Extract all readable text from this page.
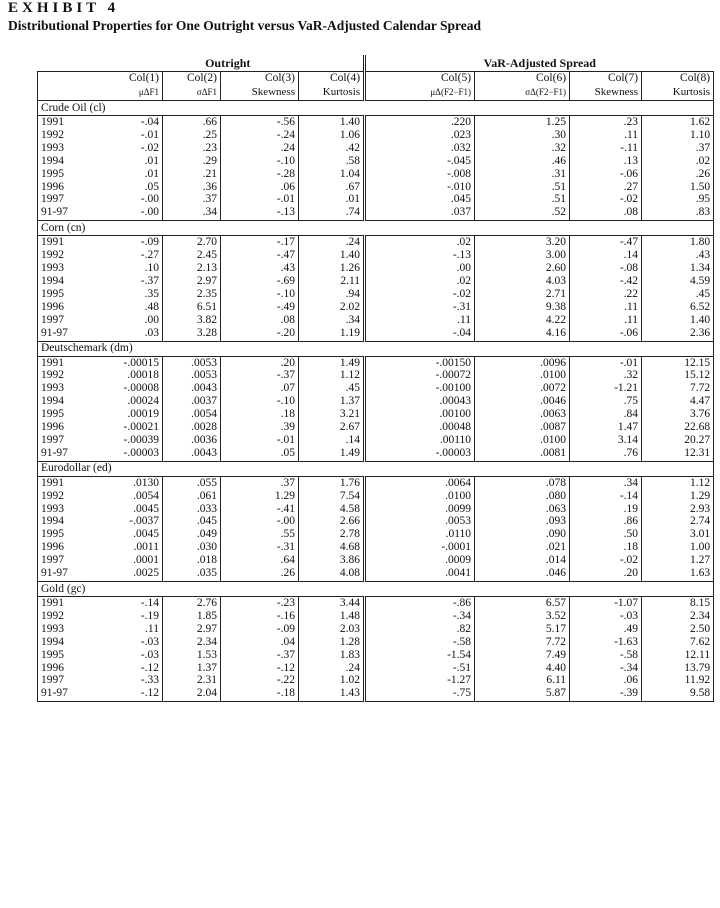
EXHIBIT 4
Distributional Properties for One Outright versus VaR-Adjusted Calendar Spread
	Outright				VaR-Adjusted Spread			
	Col(1)	Col(2)	Col(3)	Col(4)	Col(5)	Col(6)	Col(7)	Col(8)
	μΔF1	σΔF1	Skewness	Kurtosis	μΔ(F2−F1)	σΔ(F2−F1)	Skewness	Kurtosis
Crude Oil (cl)								
1991	-.04	.66	-.56	1.40	.220	1.25	.23	1.62
1992	-.01	.25	-.24	1.06	.023	.30	.11	1.10
1993	-.02	.23	.24	.42	.032	.32	-.11	.37
1994	.01	.29	-.10	.58	-.045	.46	.13	.02
1995	.01	.21	-.28	1.04	-.008	.31	-.06	.26
1996	.05	.36	.06	.67	-.010	.51	.27	1.50
1997	-.00	.37	-.01	.01	.045	.51	-.02	.95
91-97	-.00	.34	-.13	.74	.037	.52	.08	.83
Corn (cn)								
1991	-.09	2.70	-.17	.24	.02	3.20	-.47	1.80
1992	-.27	2.45	-.47	1.40	-.13	3.00	.14	.43
1993	.10	2.13	.43	1.26	.00	2.60	-.08	1.34
1994	-.37	2.97	-.69	2.11	.02	4.03	-.42	4.59
1995	.35	2.35	-.10	.94	-.02	2.71	.22	.45
1996	.48	6.51	-.49	2.02	-.31	9.38	.11	6.52
1997	.00	3.82	.08	.34	.11	4.22	.11	1.40
91-97	.03	3.28	-.20	1.19	-.04	4.16	-.06	2.36
Deutschemark (dm)								
1991	-.00015	.0053	.20	1.49	-.00150	.0096	-.01	12.15
1992	.00018	.0053	-.37	1.12	-.00072	.0100	.32	15.12
1993	-.00008	.0043	.07	.45	-.00100	.0072	-1.21	7.72
1994	.00024	.0037	-.10	1.37	.00043	.0046	.75	4.47
1995	.00019	.0054	.18	3.21	.00100	.0063	.84	3.76
1996	-.00021	.0028	.39	2.67	.00048	.0087	1.47	22.68
1997	-.00039	.0036	-.01	.14	.00110	.0100	3.14	20.27
91-97	-.00003	.0043	.05	1.49	-.00003	.0081	.76	12.31
Eurodollar (ed)								
1991	.0130	.055	.37	1.76	.0064	.078	.34	1.12
1992	.0054	.061	1.29	7.54	.0100	.080	-.14	1.29
1993	.0045	.033	-.41	4.58	.0099	.063	.19	2.93
1994	-.0037	.045	-.00	2.66	.0053	.093	.86	2.74
1995	.0045	.049	.55	2.78	.0110	.090	.50	3.01
1996	.0011	.030	-.31	4.68	-.0001	.021	.18	1.00
1997	.0001	.018	.64	3.86	.0009	.014	-.02	1.27
91-97	.0025	.035	.26	4.08	.0041	.046	.20	1.63
Gold (gc)								
1991	-.14	2.76	-.23	3.44	-.86	6.57	-1.07	8.15
1992	-.19	1.85	-.16	1.48	-.34	3.52	-.03	2.34
1993	.11	2.97	-.09	2.03	.82	5.17	.49	2.50
1994	-.03	2.34	.04	1.28	-.58	7.72	-1.63	7.62
1995	-.03	1.53	-.37	1.83	-1.54	7.49	-.58	12.11
1996	-.12	1.37	-.12	.24	-.51	4.40	-.34	13.79
1997	-.33	2.31	-.22	1.02	-1.27	6.11	.06	11.92
91-97	-.12	2.04	-.18	1.43	-.75	5.87	-.39	9.58
